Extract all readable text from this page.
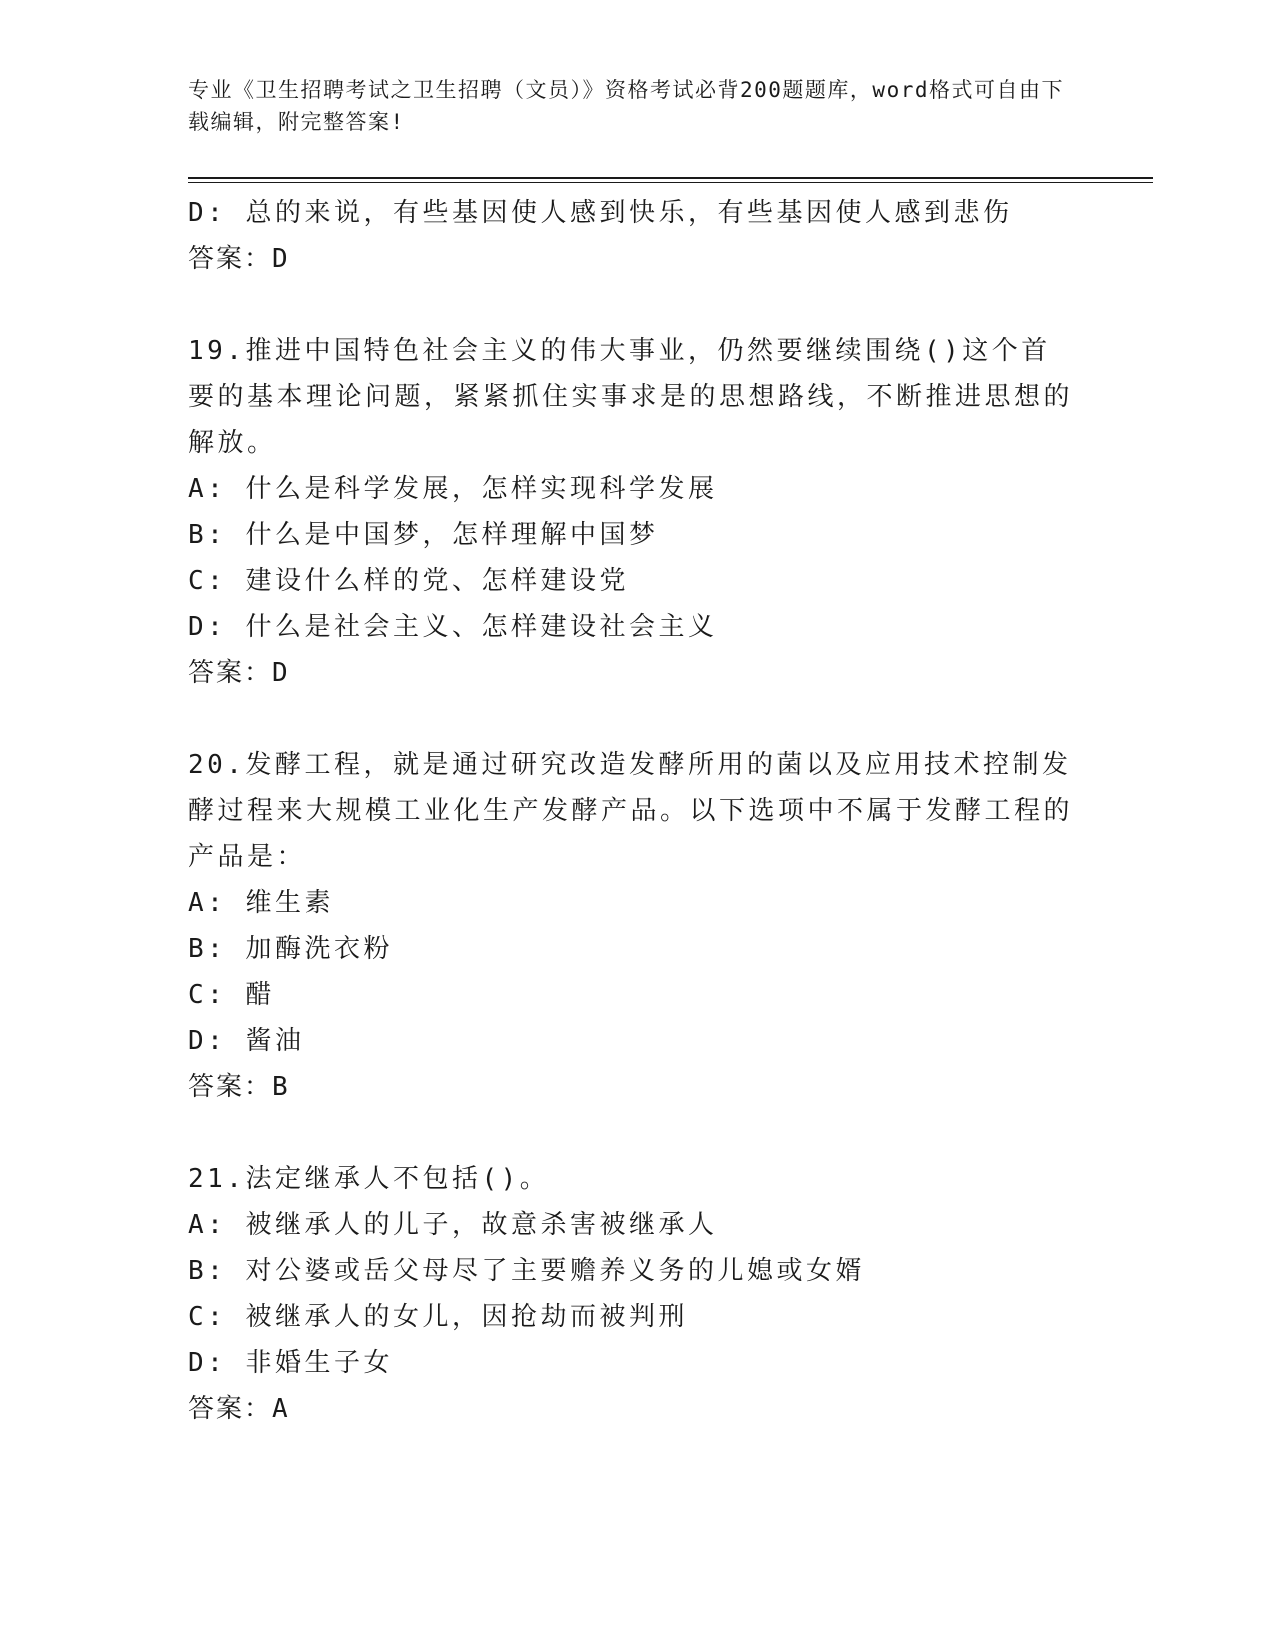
专业《卫生招聘考试之卫生招聘（文员）》资格考试必背200题题库，word格式可自由下载编辑，附完整答案!
D: 总的来说，有些基因使人感到快乐，有些基因使人感到悲伤
答案：D
19.推进中国特色社会主义的伟大事业，仍然要继续围绕()这个首要的基本理论问题，紧紧抓住实事求是的思想路线，不断推进思想的解放。
A: 什么是科学发展，怎样实现科学发展
B: 什么是中国梦，怎样理解中国梦
C: 建设什么样的党、怎样建设党
D: 什么是社会主义、怎样建设社会主义
答案：D
20.发酵工程，就是通过研究改造发酵所用的菌以及应用技术控制发酵过程来大规模工业化生产发酵产品。以下选项中不属于发酵工程的产品是：
A: 维生素
B: 加酶洗衣粉
C: 醋
D: 酱油
答案：B
21.法定继承人不包括()。
A: 被继承人的儿子，故意杀害被继承人
B: 对公婆或岳父母尽了主要赡养义务的儿媳或女婿
C: 被继承人的女儿，因抢劫而被判刑
D: 非婚生子女
答案：A
